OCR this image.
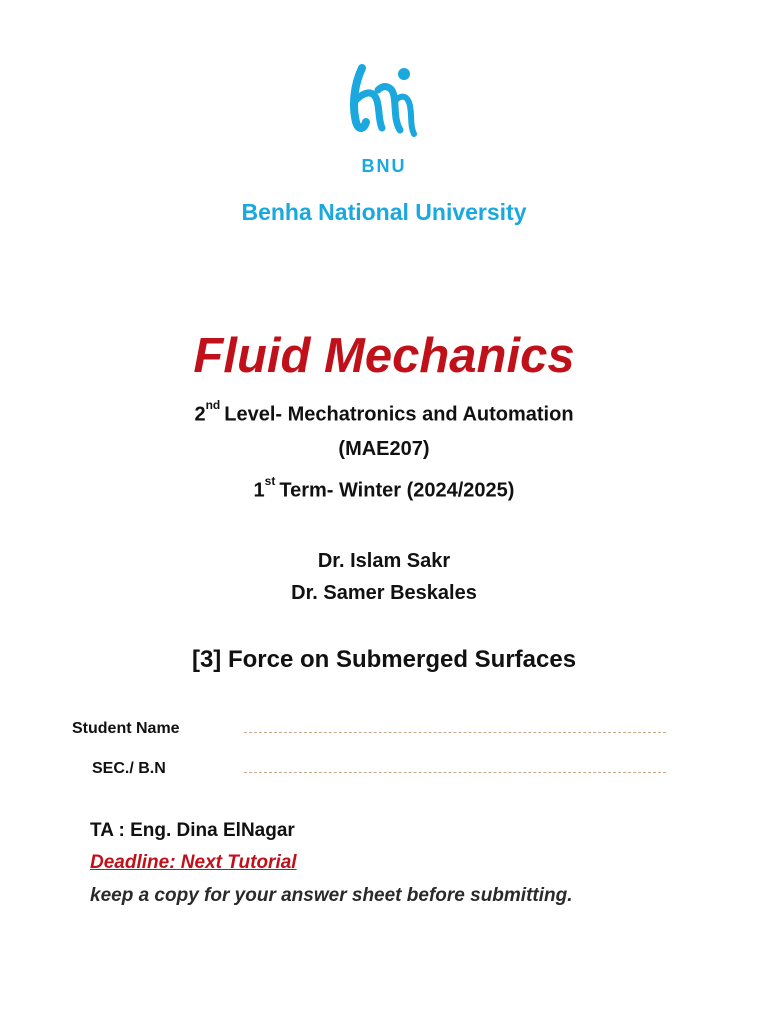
BNU
Benha National University
Fluid Mechanics
2nd Level- Mechatronics and Automation
(MAE207)
1st Term- Winter (2024/2025)
Dr. Islam Sakr
Dr. Samer Beskales
[3] Force on Submerged Surfaces
Student Name
SEC./ B.N
TA : Eng. Dina ElNagar
Deadline: Next Tutorial
keep a copy for your answer sheet before submitting.
